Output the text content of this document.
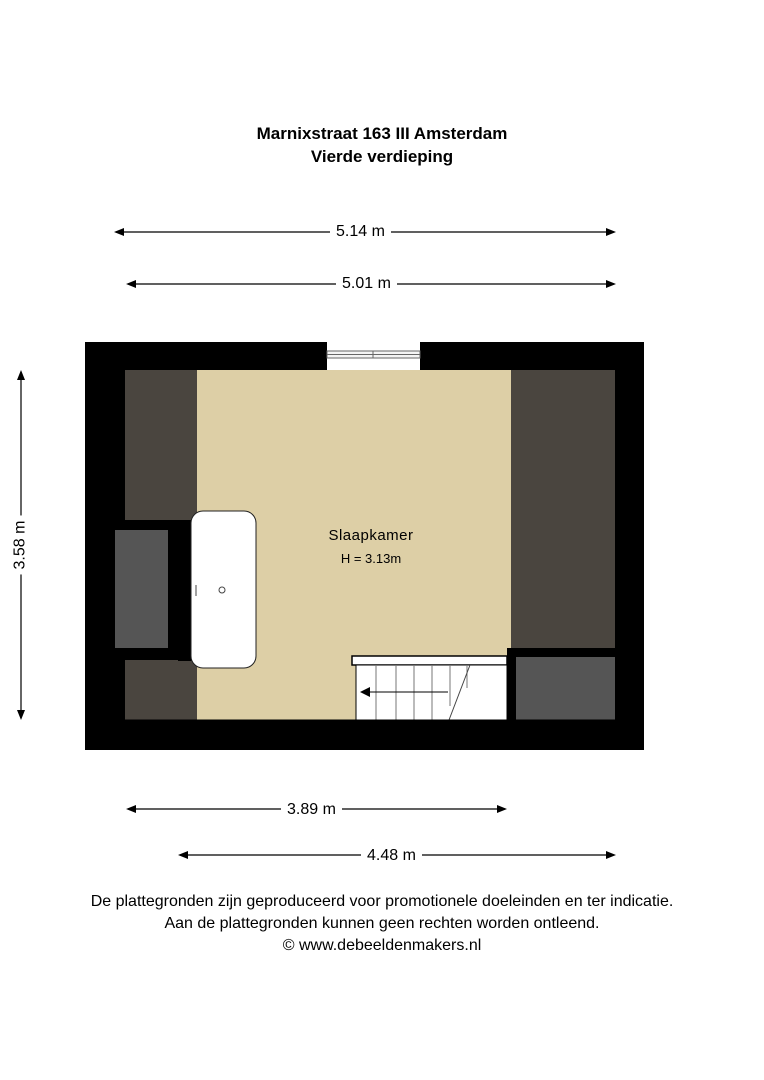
Marnixstraat 163 III Amsterdam
Vierde verdieping
5.14 m
5.01 m
3.58 m	Slaapkamer
H = 3.13m
3.89 m
4.48 m
De plattegronden zijn geproduceerd voor promotionele doeleinden en ter indicatie.
Aan de plattegronden kunnen geen rechten worden ontleend.
© www.debeeldenmakers.nl
